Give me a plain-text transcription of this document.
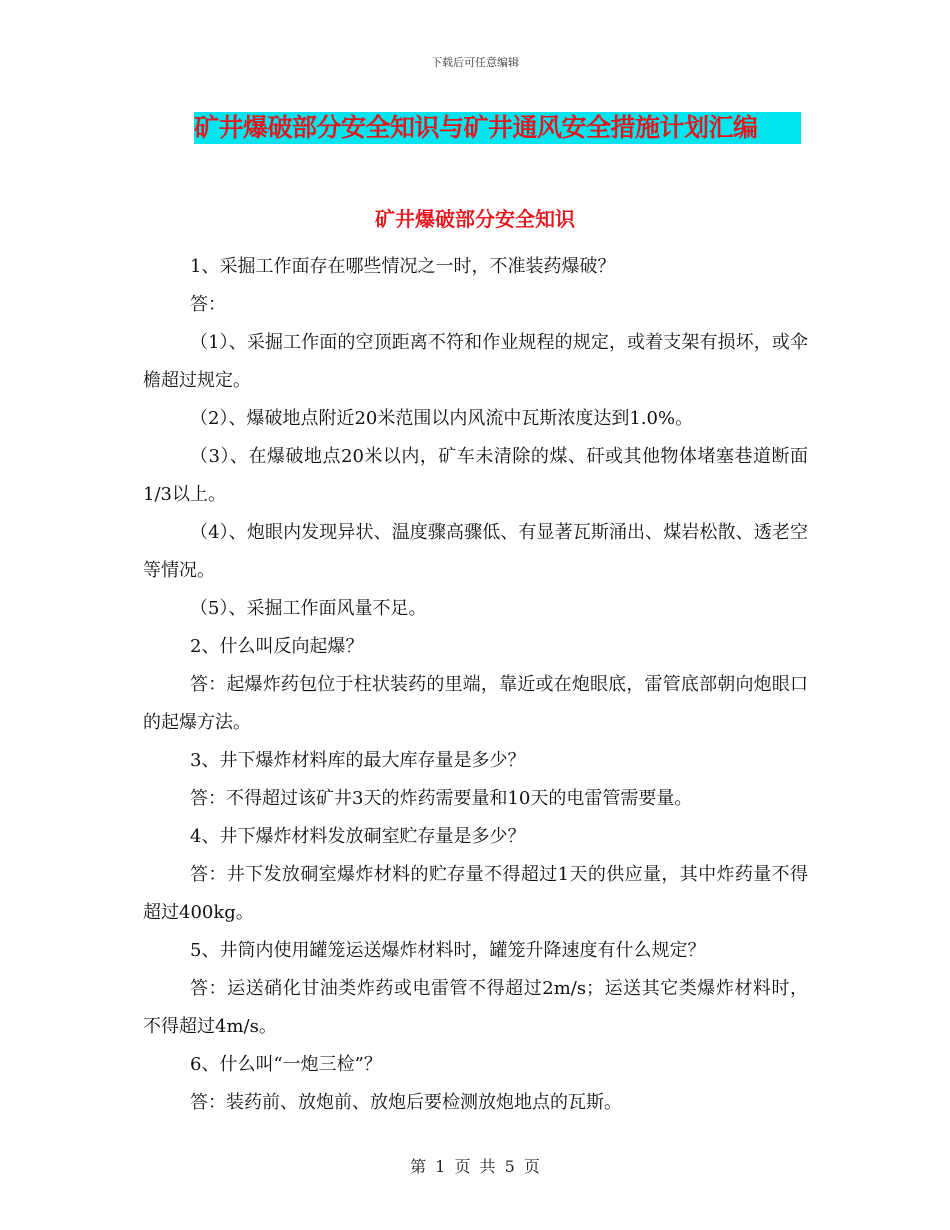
下载后可任意编辑
矿井爆破部分安全知识与矿井通风安全措施计划汇编
矿井爆破部分安全知识

1、采掘工作面存在哪些情况之一时，不准装药爆破？

答：

（1）、采掘工作面的空顶距离不符和作业规程的规定，或着支架有损坏，或伞檐超过规定。

（2）、爆破地点附近20米范围以内风流中瓦斯浓度达到1.0%。

（3）、在爆破地点20米以内，矿车未清除的煤、矸或其他物体堵塞巷道断面1/3以上。

（4）、炮眼内发现异状、温度骤高骤低、有显著瓦斯涌出、煤岩松散、透老空等情况。

（5）、采掘工作面风量不足。

2、什么叫反向起爆？

答：起爆炸药包位于柱状装药的里端，靠近或在炮眼底，雷管底部朝向炮眼口的起爆方法。

3、井下爆炸材料库的最大库存量是多少？

答：不得超过该矿井3天的炸药需要量和10天的电雷管需要量。

4、井下爆炸材料发放硐室贮存量是多少？

答：井下发放硐室爆炸材料的贮存量不得超过1天的供应量，其中炸药量不得超过400kg。

5、井筒内使用罐笼运送爆炸材料时，罐笼升降速度有什么规定？

答：运送硝化甘油类炸药或电雷管不得超过2m/s；运送其它类爆炸材料时，不得超过4m/s。

6、什么叫“一炮三检”？

答：装药前、放炮前、放炮后要检测放炮地点的瓦斯。

第 1 页 共 5 页
